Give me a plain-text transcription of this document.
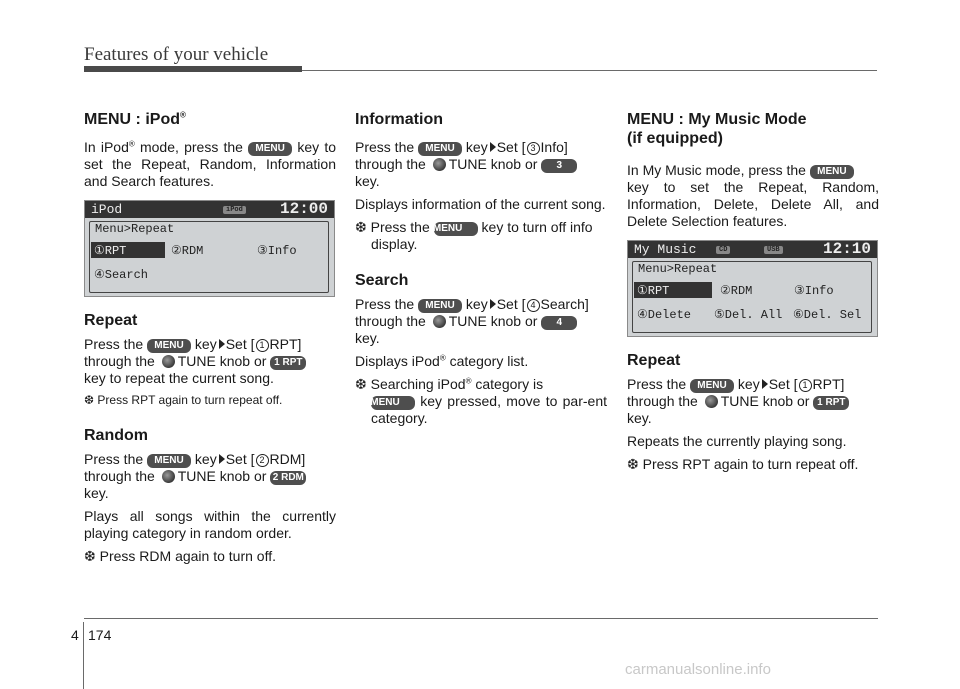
Features of your vehicle
MENU : iPod®

In iPod® mode, press the MENU key to set the Repeat, Random, Information and Search features.

iPod	iPod 12:00
Menu>Repeat
①RPT	②RDM	③Info
④Search
Repeat

Press the MENU key Set [ 1 RPT]
through the TUNE knob or 1 RPT
key to repeat the current song.

❆ Press RPT again to turn repeat off.

Random

Press the MENU key Set [ 2 RDM]
through the TUNE knob or 2 RDM
key.

Plays all songs within the currently playing category in random order.

❆ Press RDM again to turn off.

Information

Press the MENU key Set [ 3 Info]
through the TUNE knob or 3
key.

Displays information of the current song.

❆ Press the MENU key to turn off info display.

Search

Press the MENU key Set [ 4 Search]
through the TUNE knob or 4
key.

Displays iPod® category list.

❆ Searching iPod® category is
MENU key pressed, move to par-ent category.

MENU : My Music Mode
(if equipped)

In My Music mode, press the MENU
key to set the Repeat, Random, Information, Delete, Delete All, and Delete Selection features.

My Music	CD	USB	12:10
Menu>Repeat
①RPT	②RDM	③Info
④Delete ⑤Del. All ⑥Del. Sel
Repeat

Press the MENU key Set [ 1 RPT]
through the TUNE knob or 1 RPT
key.

Repeats the currently playing song.

❆ Press RPT again to turn repeat off.

4 174
carmanualsonline.info
